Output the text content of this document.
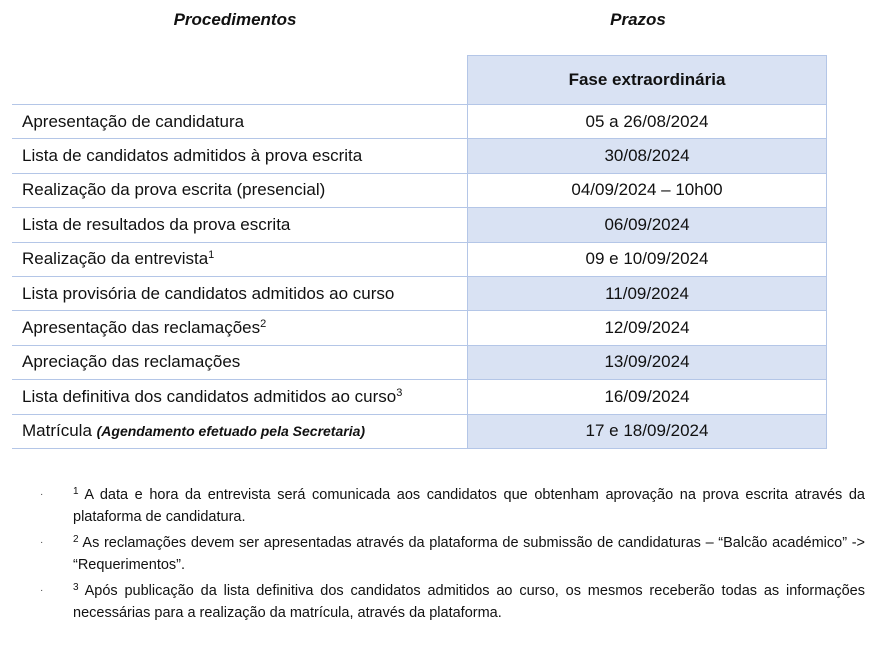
Procedimentos	Prazos
	Fase extraordinária
Apresentação de candidatura	05 a 26/08/2024
Lista de candidatos admitidos à prova escrita	30/08/2024
Realização da prova escrita (presencial)	04/09/2024 – 10h00
Lista de resultados da prova escrita	06/09/2024
Realização da entrevista$^1$	09 e 10/09/2024
Lista provisória de candidatos admitidos ao curso	11/09/2024
Apresentação das reclamações$^2$	12/09/2024
Apreciação das reclamações	13/09/2024
Lista definitiva dos candidatos admitidos ao curso$^3$	16/09/2024
Matrícula (Agendamento efetuado pela Secretaria)	17 e 18/09/2024
·	$^1$ A data e hora da entrevista será comunicada aos candidatos que obtenham aprovação na prova escrita através da plataforma de candidatura.
·	$^2$ As reclamações devem ser apresentadas através da plataforma de submissão de candidaturas – “Balcão académico” -> “Requerimentos”.
·	$^3$ Após publicação da lista definitiva dos candidatos admitidos ao curso, os mesmos receberão todas as informações necessárias para a realização da matrícula, através da plataforma.
